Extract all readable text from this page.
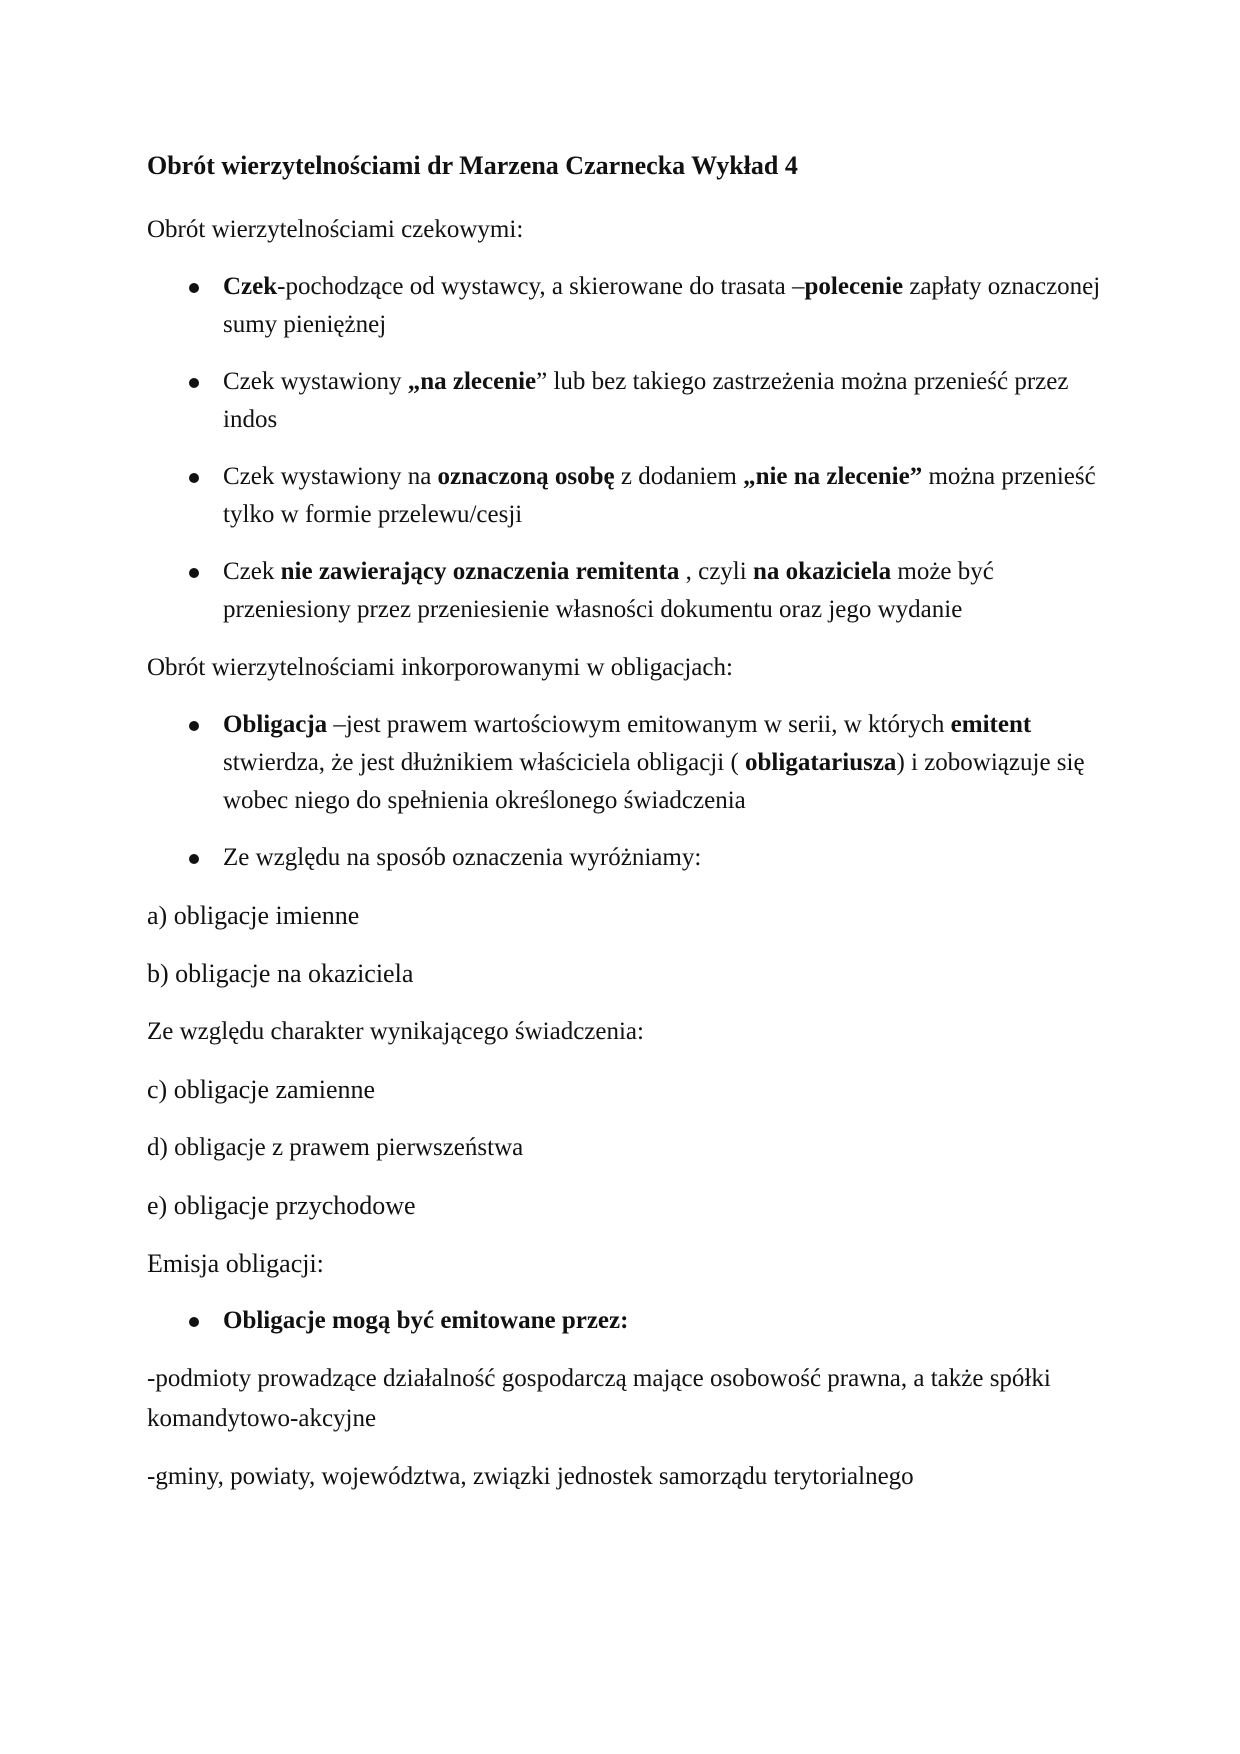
Obrót wierzytelnościami dr Marzena Czarnecka Wykład 4
Obrót wierzytelnościami czekowymi:
Czek-pochodzące od wystawcy, a skierowane do trasata –polecenie zapłaty oznaczonej sumy pieniężnej
Czek wystawiony „na zlecenie” lub bez takiego zastrzeżenia można przenieść przez indos
Czek wystawiony na oznaczoną osobę z dodaniem „nie na zlecenie” można przenieść tylko w formie przelewu/cesji
Czek nie zawierający oznaczenia remitenta , czyli na okaziciela może być przeniesiony przez przeniesienie własności dokumentu oraz jego wydanie
Obrót wierzytelnościami inkorporowanymi w obligacjach:
Obligacja –jest prawem wartościowym emitowanym w serii, w których emitent stwierdza, że jest dłużnikiem właściciela obligacji ( obligatariusza) i zobowiązuje się wobec niego do spełnienia określonego świadczenia
Ze względu na sposób oznaczenia wyróżniamy:
a) obligacje imienne
b) obligacje na okaziciela
Ze względu charakter wynikającego świadczenia:
c) obligacje zamienne
d) obligacje z prawem pierwszeństwa
e) obligacje przychodowe
Emisja obligacji:
Obligacje mogą być emitowane przez:
-podmioty prowadzące działalność gospodarczą mające osobowość prawna, a także spółki komandytowo-akcyjne
-gminy, powiaty, województwa, związki jednostek samorządu terytorialnego
